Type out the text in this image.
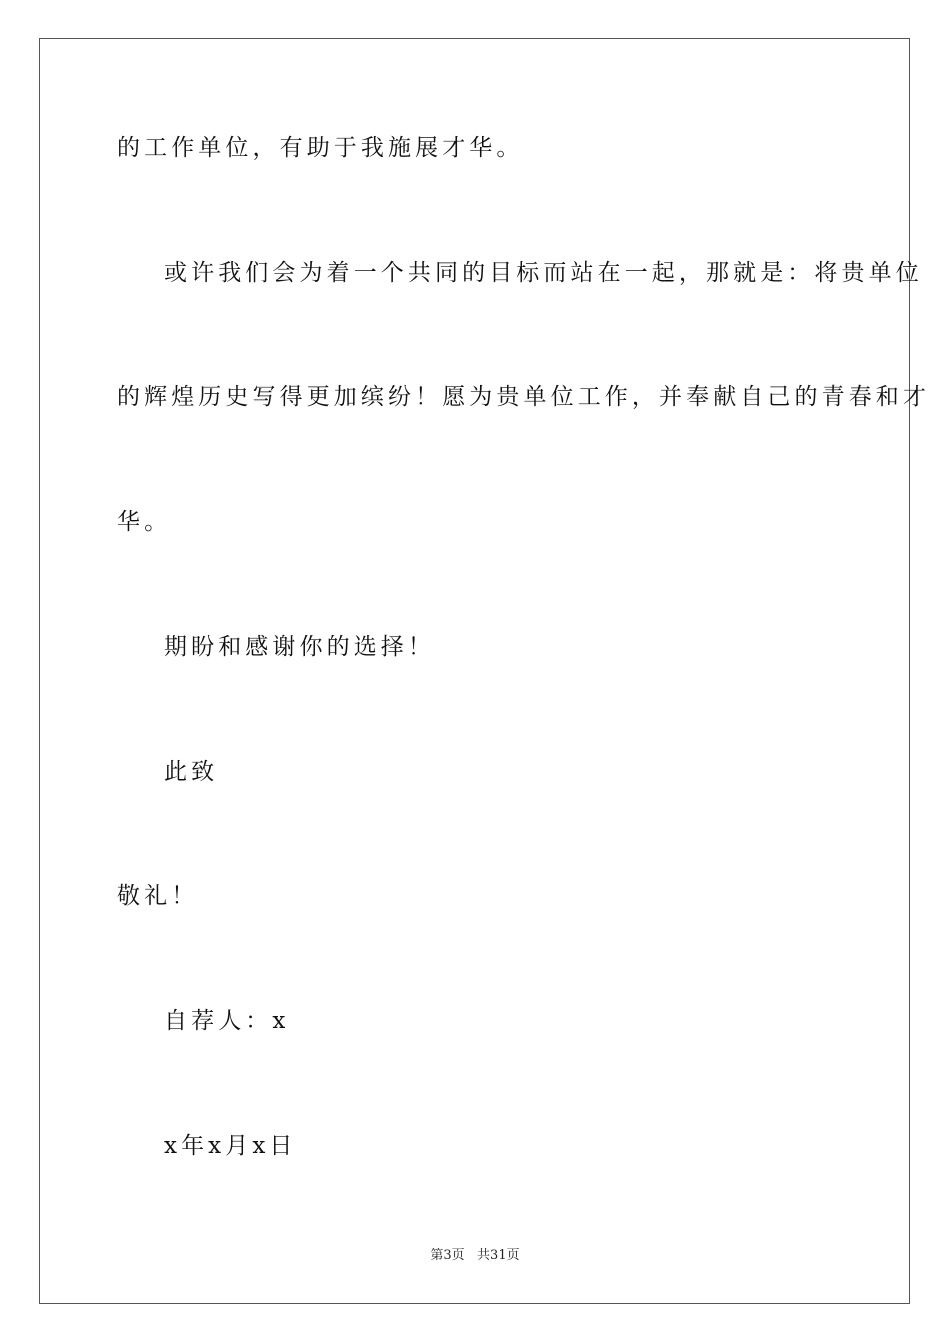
的工作单位，有助于我施展才华。
或许我们会为着一个共同的目标而站在一起，那就是：将贵单位
的辉煌历史写得更加缤纷！愿为贵单位工作，并奉献自己的青春和才
华。
期盼和感谢你的选择！
此致
敬礼！
自荐人：x
x年x月x日
第3页   共31页
